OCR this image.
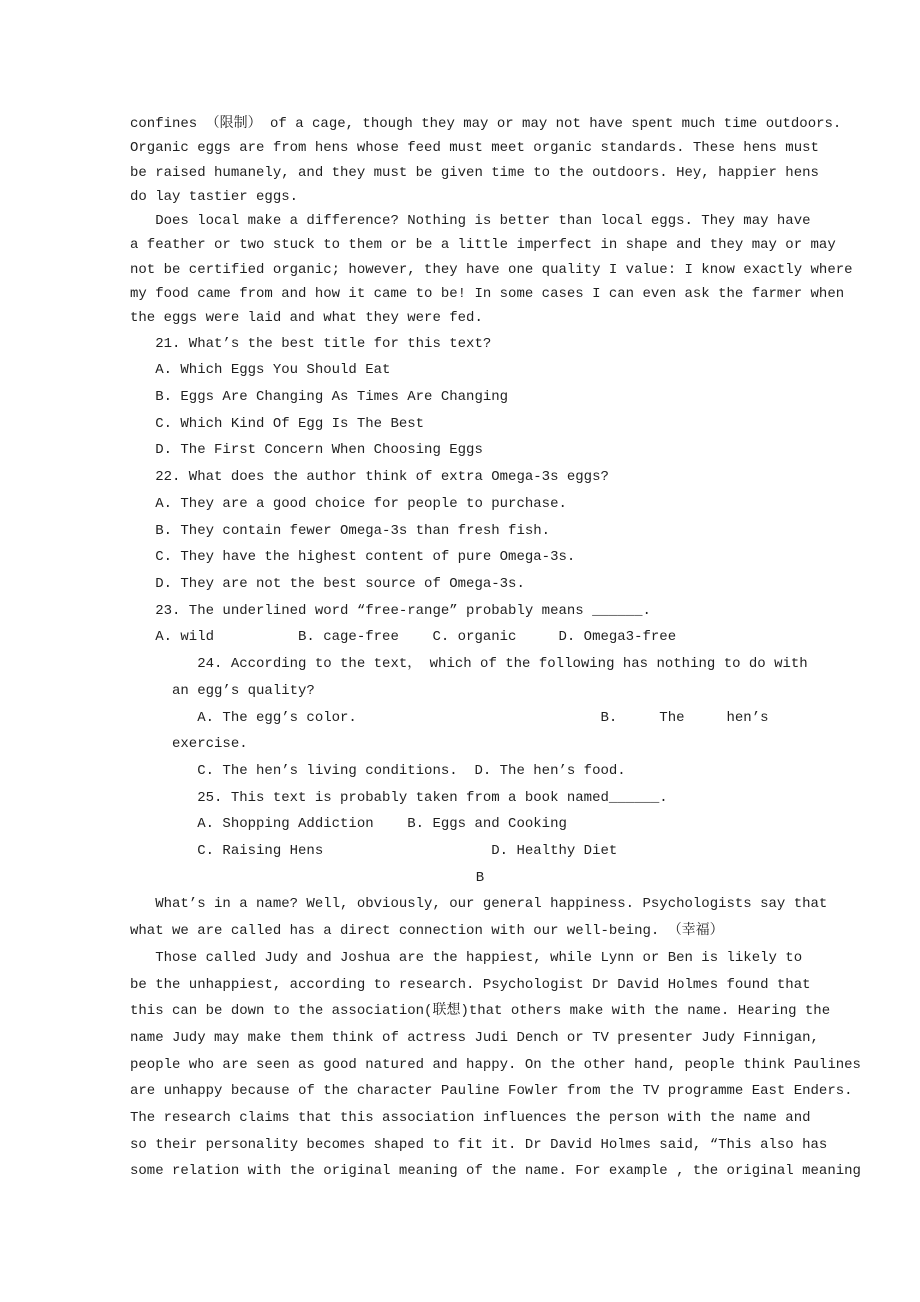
confines （限制） of a cage, though they may or may not have spent much time outdoors.
Organic eggs are from hens whose feed must meet organic standards. These hens must
be raised humanely, and they must be given time to the outdoors. Hey, happier hens
do lay tastier eggs.
Does local make a difference? Nothing is better than local eggs. They may have
a feather or two stuck to them or be a little imperfect in shape and they may or may
not be certified organic; however, they have one quality I value: I know exactly where
my food came from and how it came to be! In some cases I can even ask the farmer when
the eggs were laid and what they were fed.
21. What’s the best title for this text?
A. Which Eggs You Should Eat
B. Eggs Are Changing As Times Are Changing
C. Which Kind Of Egg Is The Best
D. The First Concern When Choosing Eggs
22. What does the author think of extra Omega-3s eggs?
A. They are a good choice for people to purchase.
B. They contain fewer Omega-3s than fresh fish.
C. They have the highest content of pure Omega-3s.
D. They are not the best source of Omega-3s.
23. The underlined word “free-range” probably means ______.
A. wild          B. cage-free    C. organic     D. Omega3-free
24. According to the text， which of the following has nothing to do with
an egg’s quality?
A. The egg’s color.                             B.     The     hen’s
exercise.
C. The hen’s living conditions.  D. The hen’s food.
25. This text is probably taken from a book named______.
A. Shopping Addiction    B. Eggs and Cooking
C. Raising Hens                    D. Healthy Diet
B
What’s in a name? Well, obviously, our general happiness. Psychologists say that
what we are called has a direct connection with our well-being. （幸福）
Those called Judy and Joshua are the happiest, while Lynn or Ben is likely to
be the unhappiest, according to research. Psychologist Dr David Holmes found that
this can be down to the association(联想)that others make with the name. Hearing the
name Judy may make them think of actress Judi Dench or TV presenter Judy Finnigan,
people who are seen as good natured and happy. On the other hand, people think Paulines
are unhappy because of the character Pauline Fowler from the TV programme East Enders.
The research claims that this association influences the person with the name and
so their personality becomes shaped to fit it. Dr David Holmes said, “This also has
some relation with the original meaning of the name. For example , the original meaning
